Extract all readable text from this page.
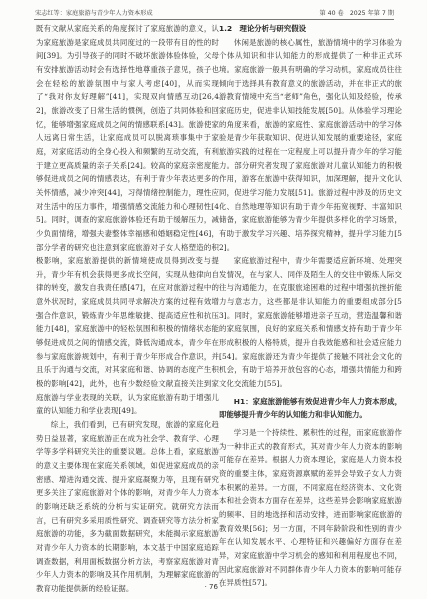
宋志红等：家庭旅游与青少年人力资本形成	第 40 卷　2025 年第 7 期

既有文献从家庭关系的角度探讨了家庭旅游的意义，认为家庭旅游是家庭成员共同度过的一段带有目的性的时间[39]。为引导孩子的同时不破坏旅游体验体验，父母有安排旅游活动时会有选择性地尊重孩子意见，孩子也会在轻松的旅游氛围中与家人考虑[40]，从而实现了“我对你友好理解”[41]，实现双向情感互动[26,42]，旅游改变了日常生活的惯例，创造了共同体验和回忆，能够增强家庭成员之间的情感联系[43]。旅游使家人远离日常生活，让家庭成员可以脱离琐事集中于家庭，对家庭活动的全身心投入和频繁的互动交流，有利于建立更高质量的亲子关系[24]。较高的家庭亲密度能够促进成员之间的情感表达，有利于青少年表达更多的关怀情感，减少冲突[44]，习得情绪控制能力，理性应对生活中的压力事件，增强情感交流能力和心理韧性[45]。同时，调查的家庭旅游体验还有助于缓解压力，减少负面情绪，增强夫妻整体幸福感和婚姻稳定性[46]，部分学者的研究也注意到家庭旅游对子女人格塑造的积极影响，家庭旅游提供的新情境使成员得到改变与提升，青少年有机会获得更多成长空间，实现从他律向自律的转变，激发自我责任感[47]，在应对旅游过程中的意外状况时，家庭成员共同寻求解决方案的过程有效增强合作意识，锻炼青少年思维敏捷、提高适应性和抗压能力[48]，家庭旅游中的轻松氛围和积极的情绪状态能够促进成员之间的情感交流，降低沟通成本，青少年在参与家庭旅游规划中，有利于青少年形成合作意识，并且乐于沟通与交流，对其家庭和谐、协调的态度产生积极的影响[42]，此外，也有少数经验文献直接关注到家庭旅游与学业表现的关联，认为家庭旅游有助于增强儿童的认知能力和学业表现[49]。

综上，我们看到，已有研究发现，旅游的家庭化趋势日益显著，家庭旅游正在成为社会学、教育学、心理学等多学科研究关注的重要议题。总体上看，家庭旅游的意义主要体现在家庭关系领域，如促进家庭成员的亲密感、增进沟通交流、提升家庭凝聚力等，且现有研究更多关注了家庭旅游对个体的影响，对青少年人力资本的影响还缺乏系统的分析与实证研究。就研究方法而言，已有研究多采用质性研究、调查研究等方法分析家庭旅游的功能，多为截面数据研究，未能揭示家庭旅游对青少年人力资本的长期影响，本文基于中国家庭追踪调查数据，利用面板数据分析方法，考察家庭旅游对青少年人力资本的影响及其作用机制，为理解家庭旅游的教育功能提供新的经验证据。

1.2　理论分析与研究假设

休闲是旅游的核心属性，旅游情境中的学习体验为个体从知识和非认知能力的形成提供了一种非正式环境。家庭旅游一般具有明确的学习动机，家庭成员往往倾向于选择具有教育意义的旅游活动，并在非正式的旅游教育情境中充当“老师”角色，强化认知及经验，传承家庭历史，促进非认知技能发展[50]。从体验学习理论的角度来看，旅游的家庭性、家庭旅游活动中的学习体验是青少年获取知识、促进认知发展的重要途径，家庭旅游实践的过程在一定程度上可以提升青少年的学习能力。部分研究者发现了家庭旅游对儿童认知能力的积极作用，游客在旅游中获得知识，加深理解，提升文化认同，促进学习能力发展[51]。旅游过程中涉及的历史文化、自然地理等知识有助于青少年拓宽视野、丰富知识储备，家庭旅游能够为青少年提供多样化的学习场景，有助于激发学习兴趣、培养探究精神，提升学习能力[52]。

家庭旅游过程中，青少年需要适应新环境、处理突发情况，在与家人、同伴及陌生人的交往中锻炼人际交往与沟通能力，在克服旅途困难的过程中增强抗挫折能力与意志力，这些都是非认知能力的重要组成部分[53]。同时，家庭旅游能够增进亲子互动，营造温馨和谐的家庭氛围，良好的家庭关系和情感支持有助于青少年形成积极的人格特质，提升自我效能感和社会适应能力[54]。家庭旅游还为青少年提供了接触不同社会文化的机会，有助于培养开放包容的心态，增强共情能力和跨文化交流能力[55]。

H1：家庭旅游能够有效促进青少年人力资本形成，即能够提升青少年的认知能力和非认知能力。

学习是一个持续性、累积性的过程，而家庭旅游作为一种非正式的教育形式，其对青少年人力资本的影响可能存在差异。根据人力资本理论，家庭是人力资本投资的重要主体，家庭资源禀赋的差异会导致子女人力资本积累的差异。一方面，不同家庭在经济资本、文化资本和社会资本方面存在差异，这些差异会影响家庭旅游的频率、目的地选择和活动安排，进而影响家庭旅游的教育效果[56]；另一方面，不同年龄阶段和性别的青少年在认知发展水平、心理特征和兴趣偏好方面存在差异，对家庭旅游中学习机会的感知和利用程度也不同，因此家庭旅游对不同群体青少年人力资本的影响可能存在异质性[57]。

· 76 ·
